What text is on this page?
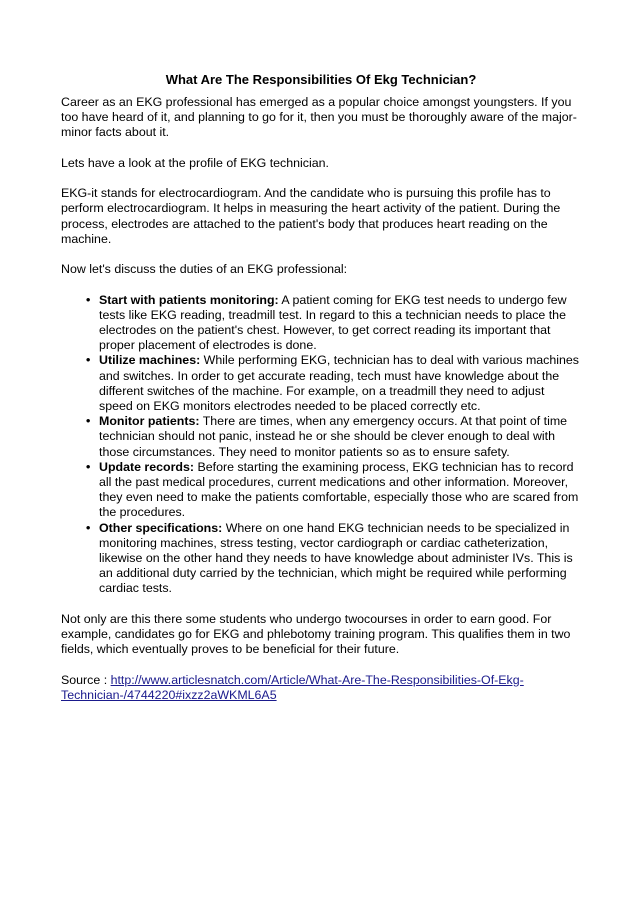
What Are The Responsibilities Of Ekg Technician?

Career as an EKG professional has emerged as a popular choice amongst youngsters. If you too have heard of it, and planning to go for it, then you must be thoroughly aware of the major-minor facts about it.

Lets have a look at the profile of EKG technician.

EKG-it stands for electrocardiogram. And the candidate who is pursuing this profile has to perform electrocardiogram. It helps in measuring the heart activity of the patient. During the process, electrodes are attached to the patient's body that produces heart reading on the machine.

Now let's discuss the duties of an EKG professional:

• Start with patients monitoring: A patient coming for EKG test needs to undergo few tests like EKG reading, treadmill test. In regard to this a technician needs to place the electrodes on the patient's chest. However, to get correct reading its important that proper placement of electrodes is done.
• Utilize machines: While performing EKG, technician has to deal with various machines and switches. In order to get accurate reading, tech must have knowledge about the different switches of the machine. For example, on a treadmill they need to adjust speed on EKG monitors electrodes needed to be placed correctly etc.
• Monitor patients: There are times, when any emergency occurs. At that point of time technician should not panic, instead he or she should be clever enough to deal with those circumstances. They need to monitor patients so as to ensure safety.
• Update records: Before starting the examining process, EKG technician has to record all the past medical procedures, current medications and other information. Moreover, they even need to make the patients comfortable, especially those who are scared from the procedures.
• Other specifications: Where on one hand EKG technician needs to be specialized in monitoring machines, stress testing, vector cardiograph or cardiac catheterization, likewise on the other hand they needs to have knowledge about administer IVs. This is an additional duty carried by the technician, which might be required while performing cardiac tests.

Not only are this there some students who undergo twocourses in order to earn good. For example, candidates go for EKG and phlebotomy training program. This qualifies them in two fields, which eventually proves to be beneficial for their future.

Source : http://www.articlesnatch.com/Article/What-Are-The-Responsibilities-Of-Ekg-Technician-/4744220#ixzz2aWKML6A5
